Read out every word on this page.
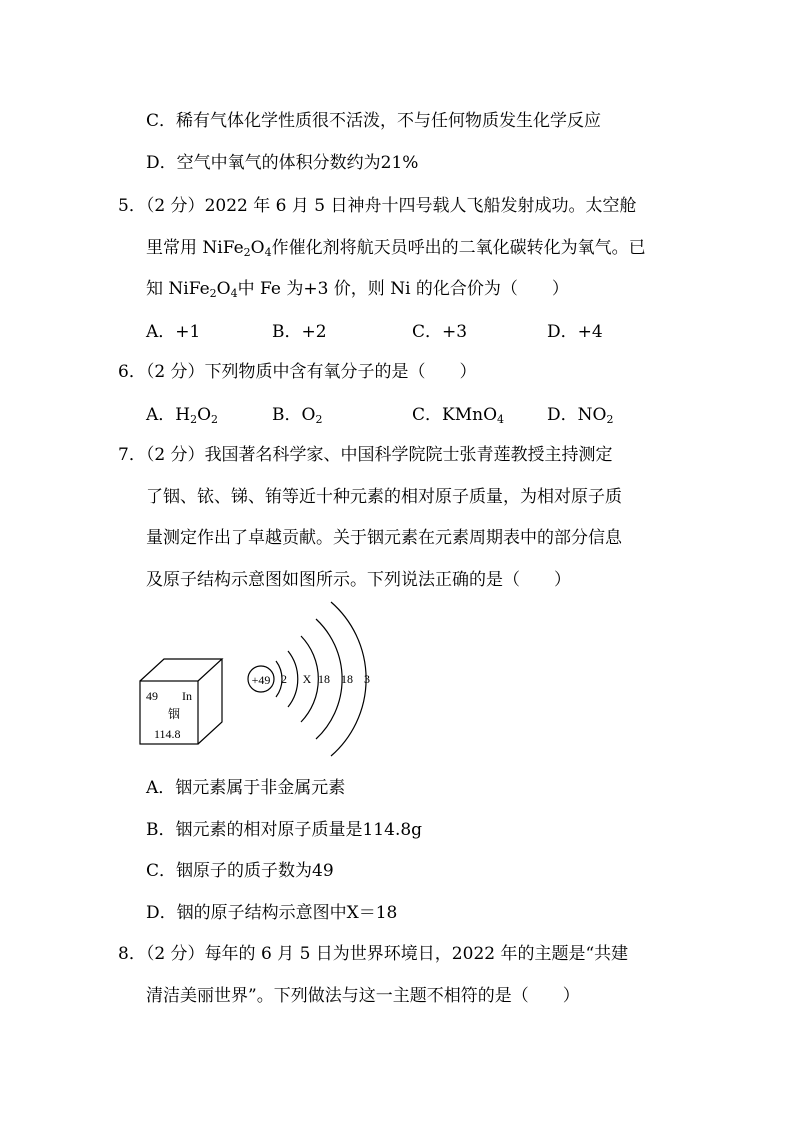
C．稀有气体化学性质很不活泼，不与任何物质发生化学反应
D．空气中氧气的体积分数约为21%
5．（2 分）2022 年 6 月 5 日神舟十四号载人飞船发射成功。太空舱
里常用 $NiFe_2O_4$作催化剂将航天员呼出的二氧化碳转化为氧气。已
知 $NiFe_2O_4$中 Fe 为+3 价，则 Ni 的化合价为（　　）
A．+1	B．+2	C．+3	D．+4
6．（2 分）下列物质中含有氧分子的是（　　）
A．$H_2O_2$	B．$O_2$	C．KMnO$_4$	D．$NO_2$
7．（2 分）我国著名科学家、中国科学院院士张青莲教授主持测定
了铟、铱、锑、铕等近十种元素的相对原子质量，为相对原子质
量测定作出了卓越贡献。关于铟元素在元素周期表中的部分信息
及原子结构示意图如图所示。下列说法正确的是（　　）
49 In
铟
114.8
+49 2 X 18 18 3
A．铟元素属于非金属元素
B．铟元素的相对原子质量是114.8g
C．铟原子的质子数为49
D．铟的原子结构示意图中X＝18
8．（2 分）每年的 6 月 5 日为世界环境日，2022 年的主题是“共建
清洁美丽世界”。下列做法与这一主题不相符的是（　　）
